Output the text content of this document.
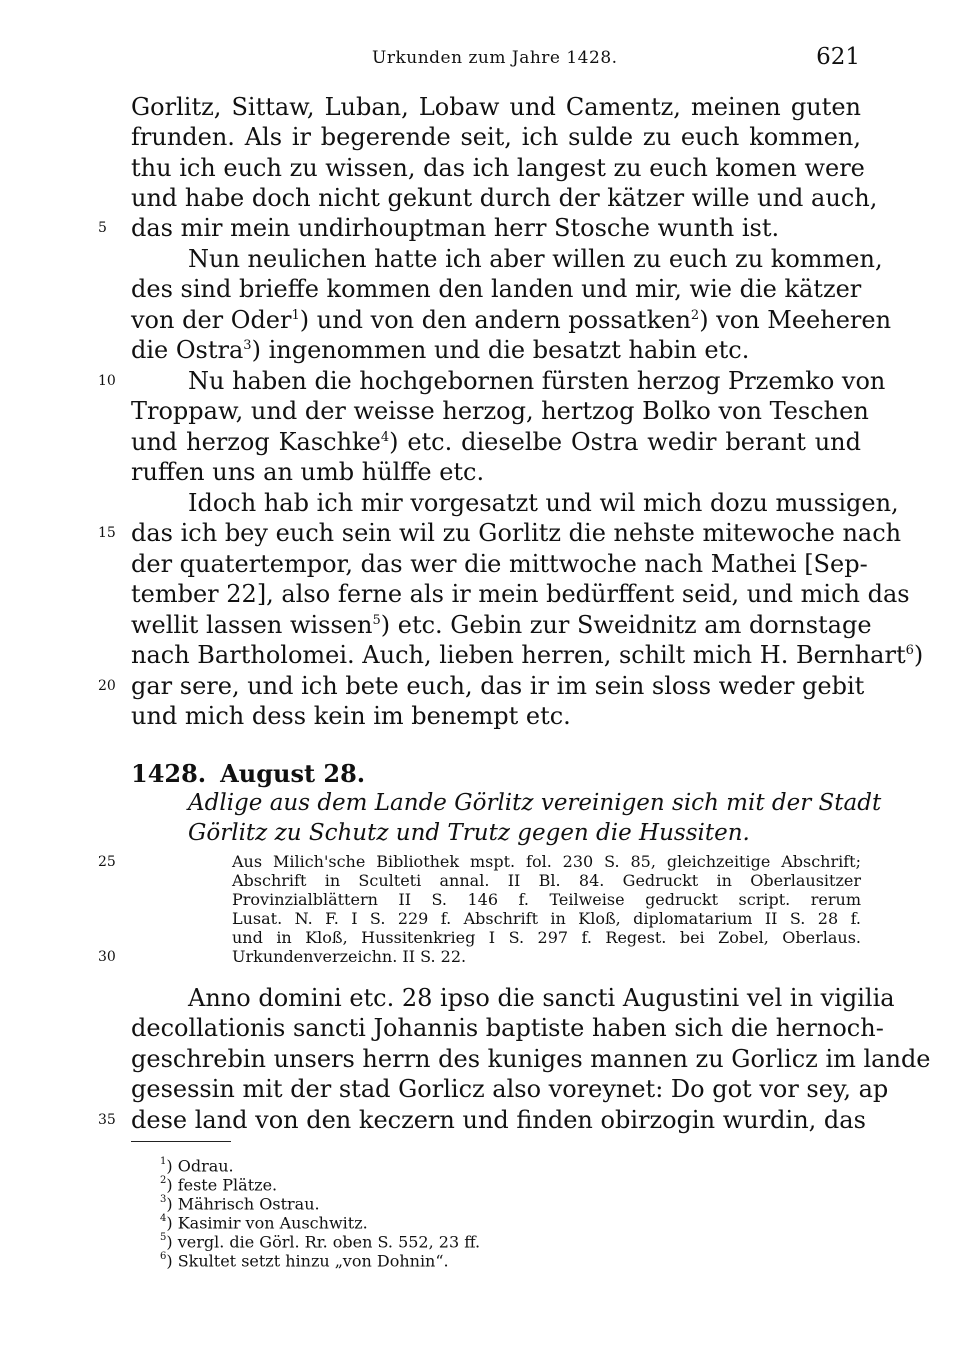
Urkunden zum Jahre 1428.	621
Gorlitz, Sittaw, Luban, Lobaw und Camentz, meinen guten
frunden. Als ir begerende seit, ich sulde zu euch kommen,
thu ich euch zu wissen, das ich langest zu euch komen were
und habe doch nicht gekunt durch der kätzer wille und auch,
das mir mein undirhouptman herr Stosche wunth ist.
Nun neulichen hatte ich aber willen zu euch zu kommen,
des sind brieffe kommen den landen und mir, wie die kätzer
von der Oder$^1$) und von den andern possatken$^2$) von Meeheren
die Ostra$^3$) ingenommen und die besatzt habin etc.
Nu haben die hochgebornen fürsten herzog Przemko von
Troppaw, und der weisse herzog, hertzog Bolko von Teschen
und herzog Kaschke$^4$) etc. dieselbe Ostra wedir berant und
ruffen uns an umb hülffe etc.
Idoch hab ich mir vorgesatzt und wil mich dozu mussigen,
das ich bey euch sein wil zu Gorlitz die nehste mitewoche nach
der quatertempor, das wer die mittwoche nach Mathei [Sep-
tember 22], also ferne als ir mein bedürffent seid, und mich das
wellit lassen wissen$^5$) etc. Gebin zur Sweidnitz am dornstage
nach Bartholomei. Auch, lieben herren, schilt mich H. Bernhart$^6$)
gar sere, und ich bete euch, das ir im sein sloss weder gebit
und mich dess kein im benempt etc.
1428. August 28.
Adlige aus dem Lande Görlitz vereinigen sich mit der Stadt
Görlitz zu Schutz und Trutz gegen die Hussiten.
Aus Milich'sche Bibliothek mspt. fol. 230 S. 85, gleichzeitige Abschrift;
Abschrift in Sculteti annal. II Bl. 84. Gedruckt in Oberlausitzer
Provinzialblättern II S. 146 f. Teilweise gedruckt script. rerum
Lusat. N. F. I S. 229 f. Abschrift in Kloß, diplomatarium II S. 28 f.
und in Kloß, Hussitenkrieg I S. 297 f. Regest. bei Zobel, Oberlaus.
Urkundenverzeichn. II S. 22.
Anno domini etc. 28 ipso die sancti Augustini vel in vigilia
decollationis sancti Johannis baptiste haben sich die hernoch-
geschrebin unsers herrn des kuniges mannen zu Gorlicz im lande
gesessin mit der stad Gorlicz also voreynet: Do got vor sey, ap
dese land von den keczern und finden obirzogin wurdin, das
5
10
15
20
25
30
35
$^1$) Odrau.
$^2$) feste Plätze.
$^3$) Mährisch Ostrau.
$^4$) Kasimir von Auschwitz.
$^5$) vergl. die Görl. Rr. oben S. 552, 23 ff.
$^6$) Skultet setzt hinzu „von Dohnin“.
